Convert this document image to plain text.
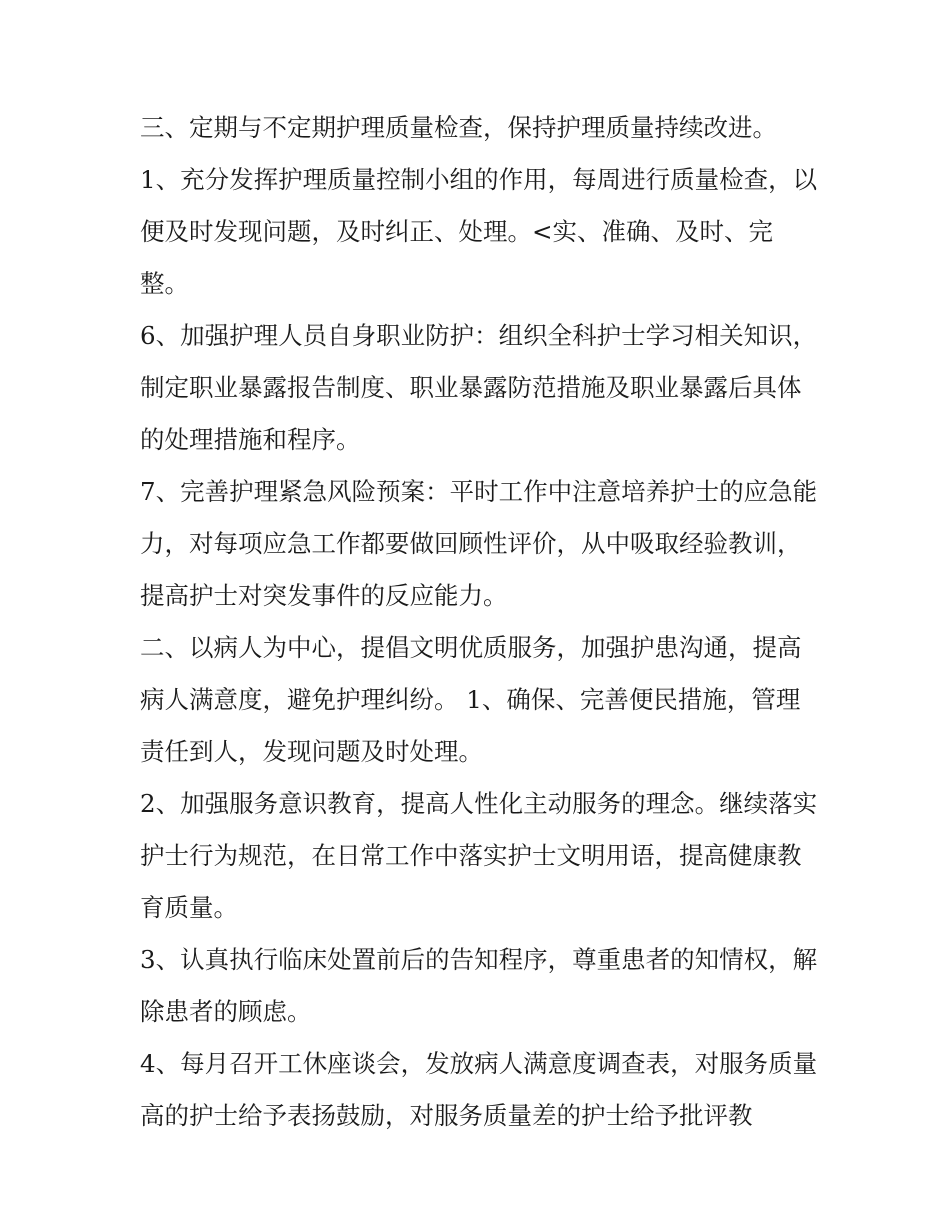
三、定期与不定期护理质量检查，保持护理质量持续改进。

1、充分发挥护理质量控制小组的作用，每周进行质量检查，以便及时发现问题，及时纠正、处理。<实、准确、及时、完整。

6、加强护理人员自身职业防护：组织全科护士学习相关知识，制定职业暴露报告制度、职业暴露防范措施及职业暴露后具体的处理措施和程序。

7、完善护理紧急风险预案：平时工作中注意培养护士的应急能力，对每项应急工作都要做回顾性评价，从中吸取经验教训，提高护士对突发事件的反应能力。

二、以病人为中心，提倡文明优质服务，加强护患沟通，提高病人满意度，避免护理纠纷。 1、确保、完善便民措施，管理责任到人，发现问题及时处理。

2、加强服务意识教育，提高人性化主动服务的理念。继续落实护士行为规范，在日常工作中落实护士文明用语，提高健康教育质量。

3、认真执行临床处置前后的告知程序，尊重患者的知情权，解除患者的顾虑。

4、每月召开工休座谈会，发放病人满意度调查表，对服务质量高的护士给予表扬鼓励，对服务质量差的护士给予批评教
